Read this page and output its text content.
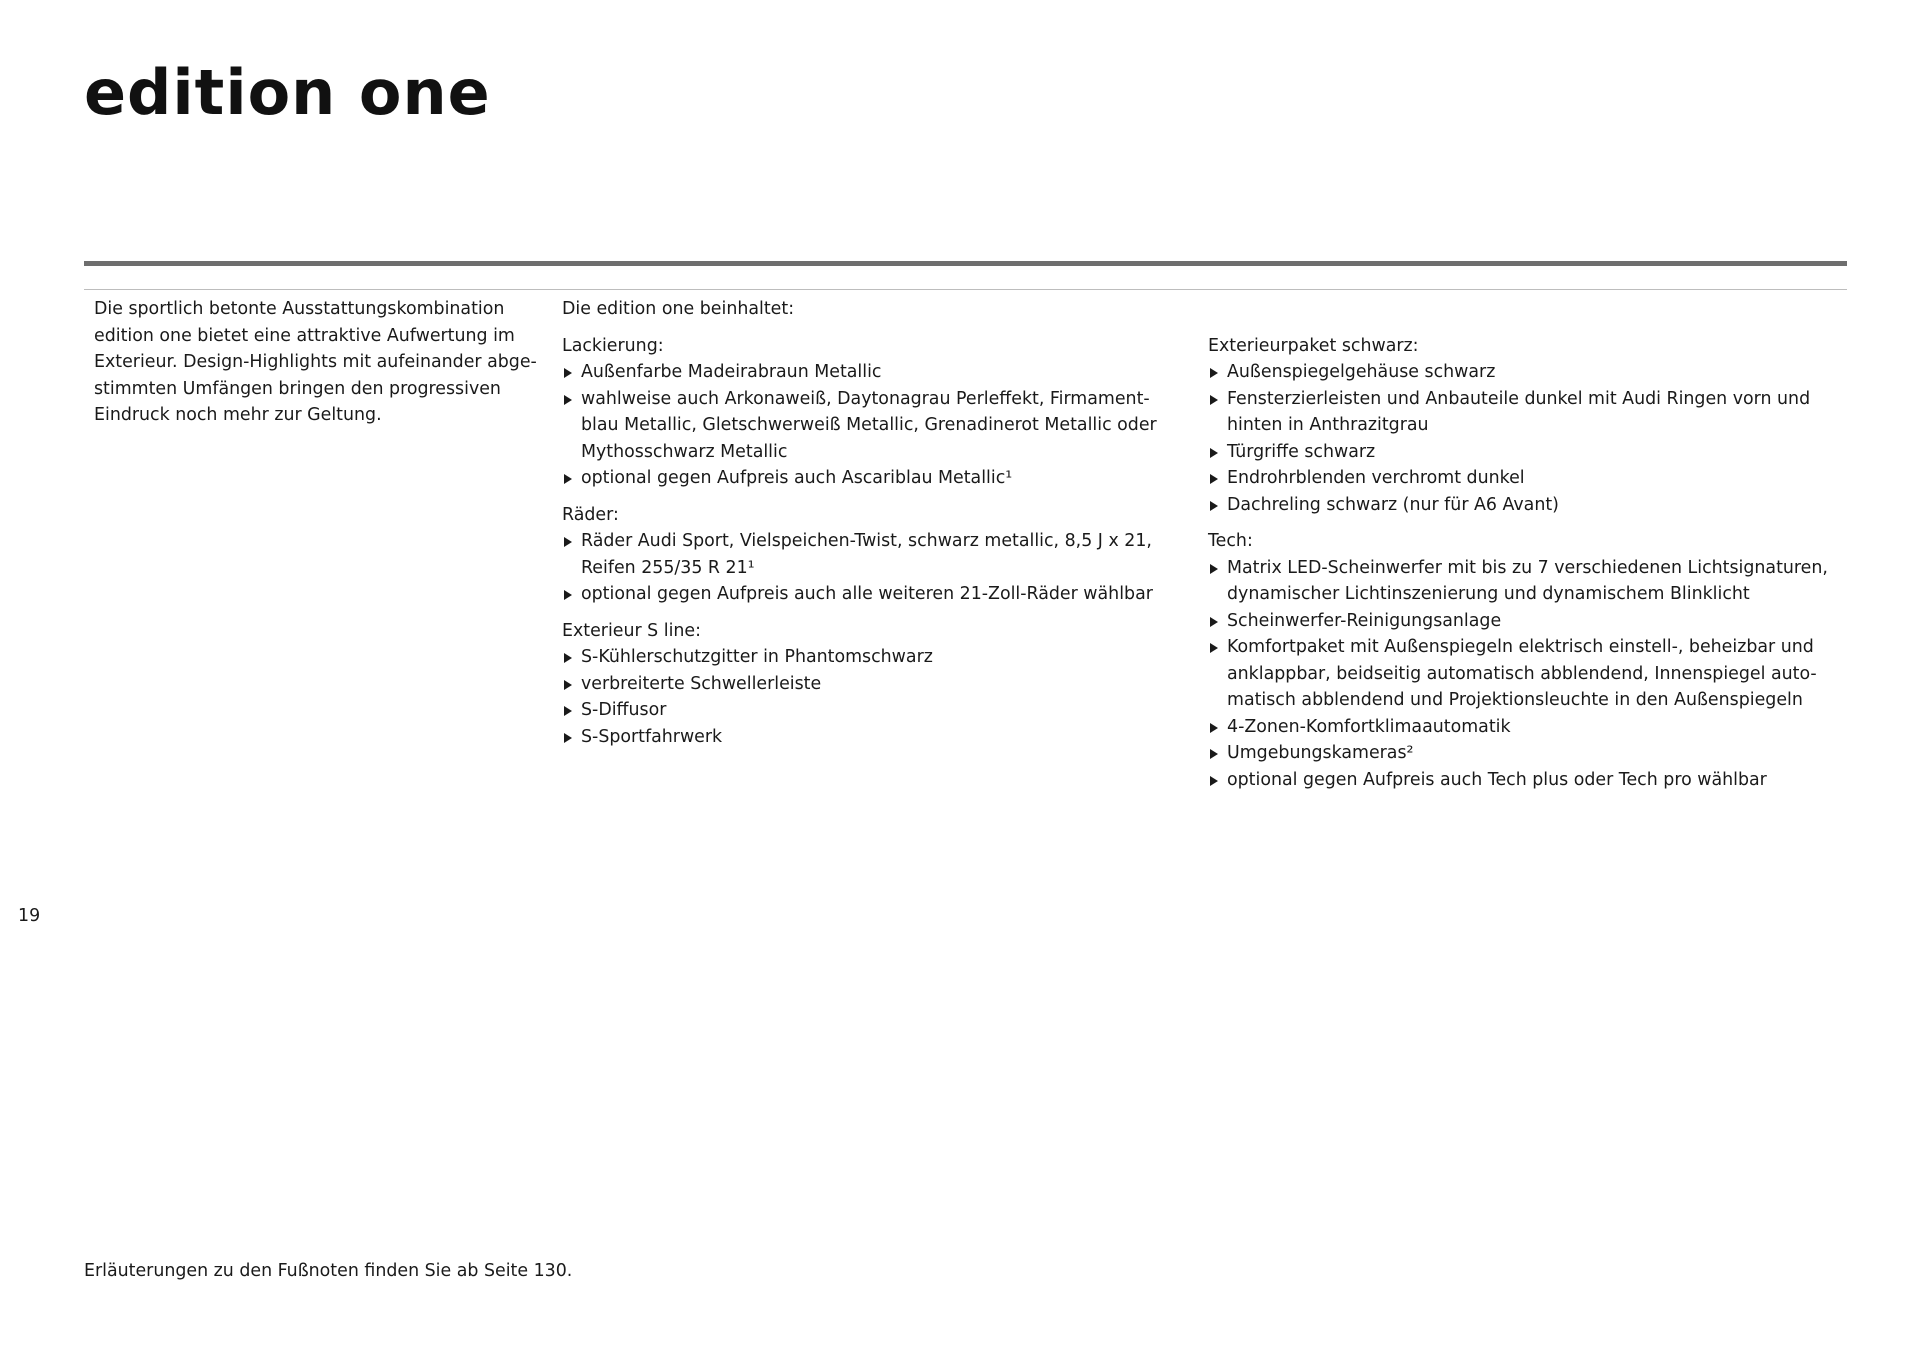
edition one

Die sportlich betonte Ausstattungskombination
edition one bietet eine attraktive Aufwertung im
Exterieur. Design-Highlights mit aufeinander abge-
stimmten Umfängen bringen den progressiven
Eindruck noch mehr zur Geltung.

Die edition one beinhaltet:

Lackierung:

Außenfarbe Madeirabraun Metallic
wahlweise auch Arkonaweiß, Daytonagrau Perleffekt, Firmament-
blau Metallic, Gletschwerweiß Metallic, Grenadinerot Metallic oder
Mythosschwarz Metallic
optional gegen Aufpreis auch Ascariblau Metallic¹

Räder:

Räder Audi Sport, Vielspeichen-Twist, schwarz metallic, 8,5 J x 21,
Reifen 255/35 R 21¹
optional gegen Aufpreis auch alle weiteren 21-Zoll-Räder wählbar

Exterieur S line:

S-Kühlerschutzgitter in Phantomschwarz
verbreiterte Schwellerleiste
S-Diffusor
S-Sportfahrwerk

Exterieurpaket schwarz:

Außenspiegelgehäuse schwarz
Fensterzierleisten und Anbauteile dunkel mit Audi Ringen vorn und
hinten in Anthrazitgrau
Türgriffe schwarz
Endrohrblenden verchromt dunkel
Dachreling schwarz (nur für A6 Avant)

Tech:

Matrix LED-Scheinwerfer mit bis zu 7 verschiedenen Lichtsignaturen,
dynamischer Lichtinszenierung und dynamischem Blinklicht
Scheinwerfer-Reinigungsanlage
Komfortpaket mit Außenspiegeln elektrisch einstell-, beheizbar und
anklappbar, beidseitig automatisch abblendend, Innenspiegel auto-
matisch abblendend und Projektionsleuchte in den Außenspiegeln
4-Zonen-Komfortklimaautomatik
Umgebungskameras²
optional gegen Aufpreis auch Tech plus oder Tech pro wählbar
19
Erläuterungen zu den Fußnoten finden Sie ab Seite 130.
